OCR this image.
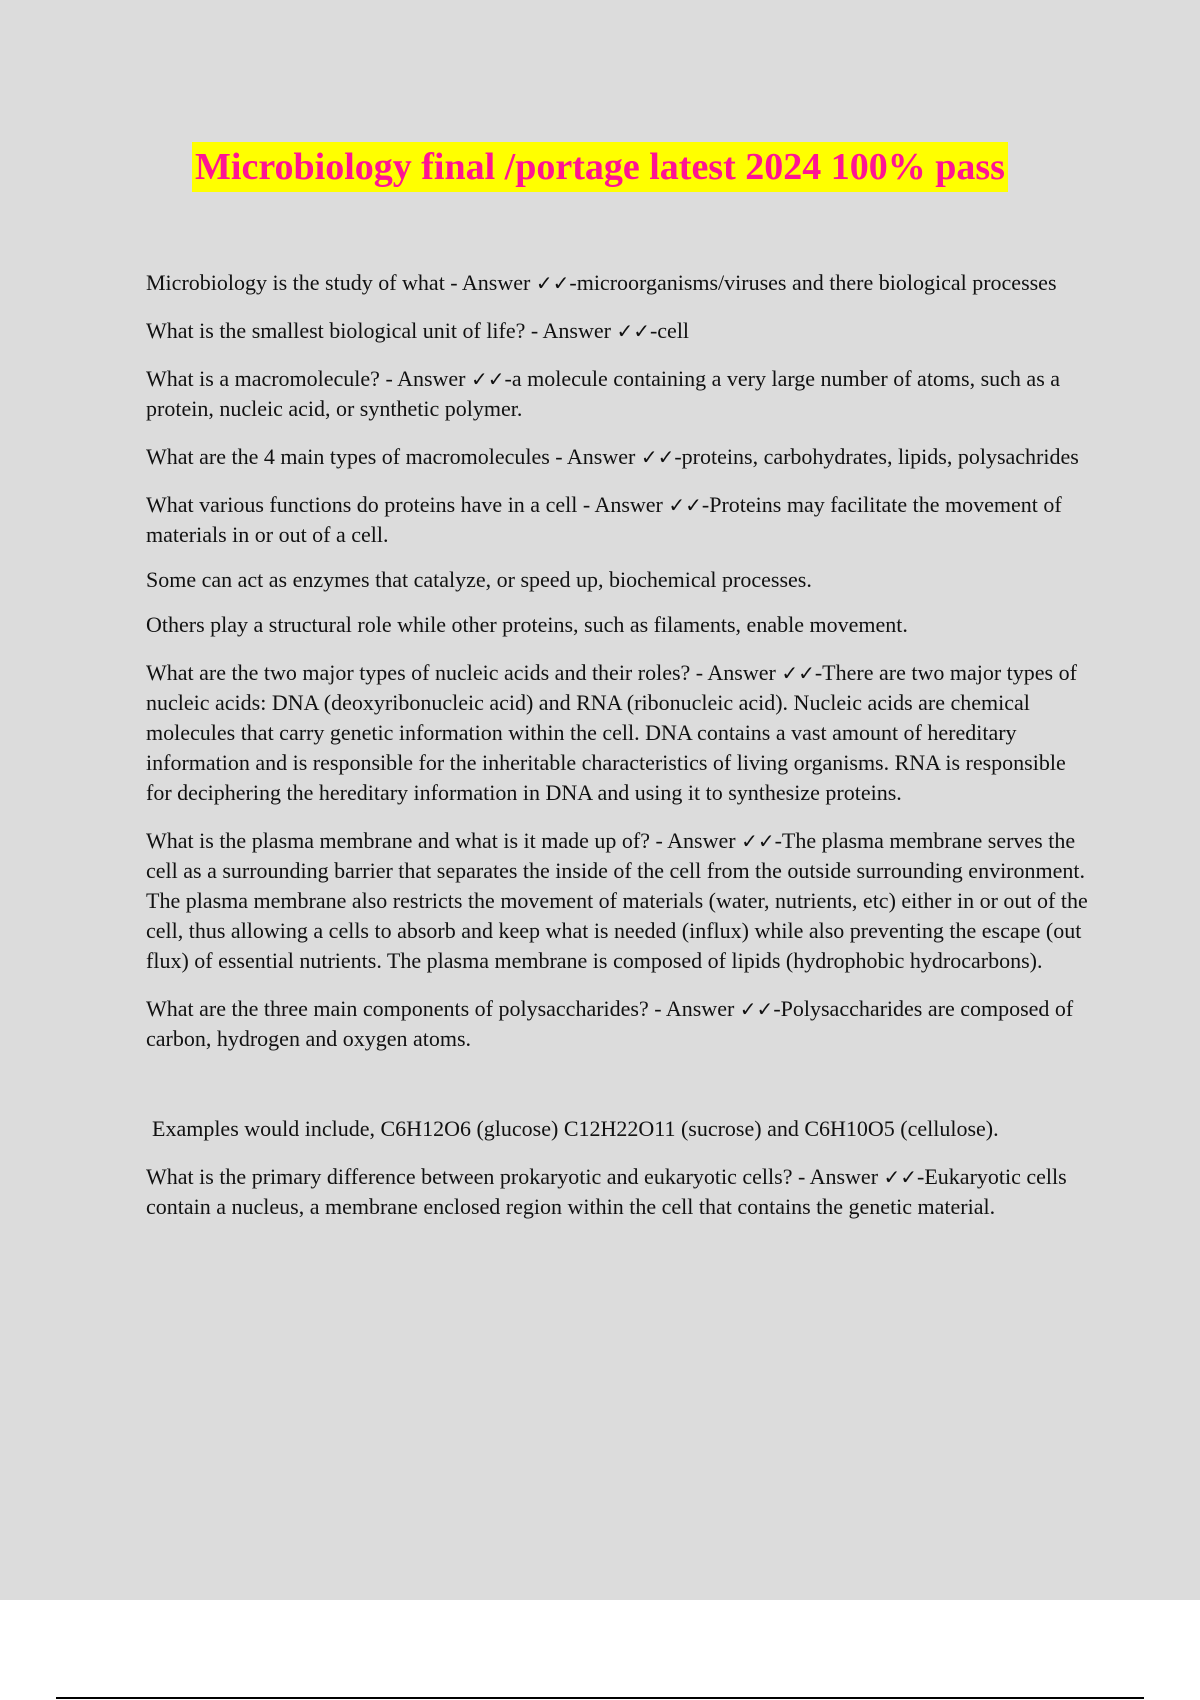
Microbiology final /portage latest 2024 100% pass

Microbiology is the study of what - Answer ✓✓-microorganisms/viruses and there biological processes

What is the smallest biological unit of life? - Answer ✓✓-cell

What is a macromolecule? - Answer ✓✓-a molecule containing a very large number of atoms, such as a protein, nucleic acid, or synthetic polymer.

What are the 4 main types of macromolecules - Answer ✓✓-proteins, carbohydrates, lipids, polysachrides

What various functions do proteins have in a cell - Answer ✓✓-Proteins may facilitate the movement of materials in or out of a cell.

Some can act as enzymes that catalyze, or speed up, biochemical processes.

Others play a structural role while other proteins, such as filaments, enable movement.

What are the two major types of nucleic acids and their roles? - Answer ✓✓-There are two major types of nucleic acids: DNA (deoxyribonucleic acid) and RNA (ribonucleic acid). Nucleic acids are chemical molecules that carry genetic information within the cell. DNA contains a vast amount of hereditary information and is responsible for the inheritable characteristics of living organisms. RNA is responsible for deciphering the hereditary information in DNA and using it to synthesize proteins.

What is the plasma membrane and what is it made up of? - Answer ✓✓-The plasma membrane serves the cell as a surrounding barrier that separates the inside of the cell from the outside surrounding environment. The plasma membrane also restricts the movement of materials (water, nutrients, etc) either in or out of the cell, thus allowing a cells to absorb and keep what is needed (influx) while also preventing the escape (out flux) of essential nutrients. The plasma membrane is composed of lipids (hydrophobic hydrocarbons).

What are the three main components of polysaccharides? - Answer ✓✓-Polysaccharides are composed of carbon, hydrogen and oxygen atoms.

Examples would include, C6H12O6 (glucose) C12H22O11 (sucrose) and C6H10O5 (cellulose).

What is the primary difference between prokaryotic and eukaryotic cells? - Answer ✓✓-Eukaryotic cells contain a nucleus, a membrane enclosed region within the cell that contains the genetic material.
